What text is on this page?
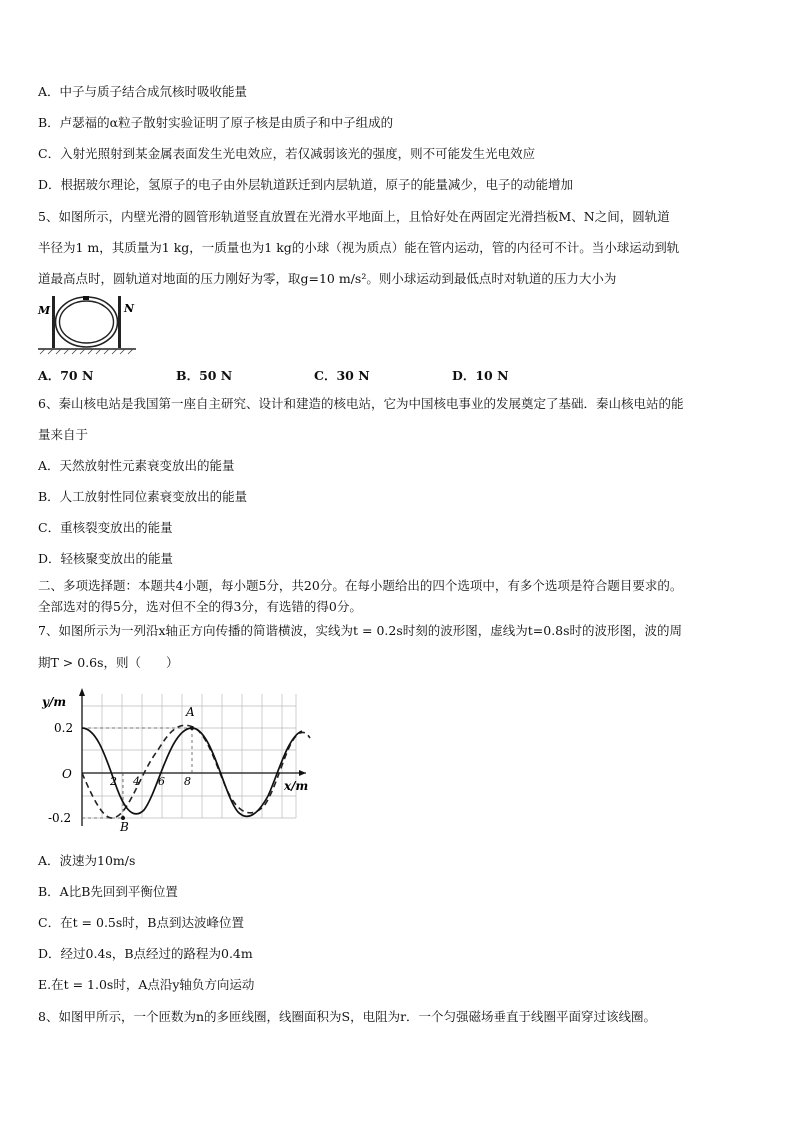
A．中子与质子结合成氘核时吸收能量
B．卢瑟福的α粒子散射实验证明了原子核是由质子和中子组成的
C．入射光照射到某金属表面发生光电效应，若仅减弱该光的强度，则不可能发生光电效应
D．根据玻尔理论，氢原子的电子由外层轨道跃迁到内层轨道，原子的能量减少，电子的动能增加
5、如图所示，内壁光滑的圆管形轨道竖直放置在光滑水平地面上，且恰好处在两固定光滑挡板M、N之间，圆轨道
半径为1 m，其质量为1 kg，一质量也为1 kg的小球（视为质点）能在管内运动，管的内径可不计。当小球运动到轨
道最高点时，圆轨道对地面的压力刚好为零，取g=10 m/s²。则小球运动到最低点时对轨道的压力大小为
M	N
A．70 N	B．50 N	C．30 N	D．10 N
6、秦山核电站是我国第一座自主研究、设计和建造的核电站，它为中国核电事业的发展奠定了基础．秦山核电站的能
量来自于
A．天然放射性元素衰变放出的能量
B．人工放射性同位素衰变放出的能量
C．重核裂变放出的能量
D．轻核聚变放出的能量
二、多项选择题：本题共4小题，每小题5分，共20分。在每小题给出的四个选项中，有多个选项是符合题目要求的。
全部选对的得5分，选对但不全的得3分，有选错的得0分。
7、如图所示为一列沿x轴正方向传播的简谐横波，实线为t = 0.2s时刻的波形图，虚线为t=0.8s时的波形图，波的周
期T > 0.6s，则（　　）
y/m
x/m
O
0.2
-0.2
2 4 6 8
A
B
A．波速为10m/s
B．A比B先回到平衡位置
C．在t = 0.5s时，B点到达波峰位置
D．经过0.4s，B点经过的路程为0.4m
E.在t = 1.0s时，A点沿y轴负方向运动
8、如图甲所示，一个匝数为n的多匝线圈，线圈面积为S，电阻为r．一个匀强磁场垂直于线圈平面穿过该线圈。
